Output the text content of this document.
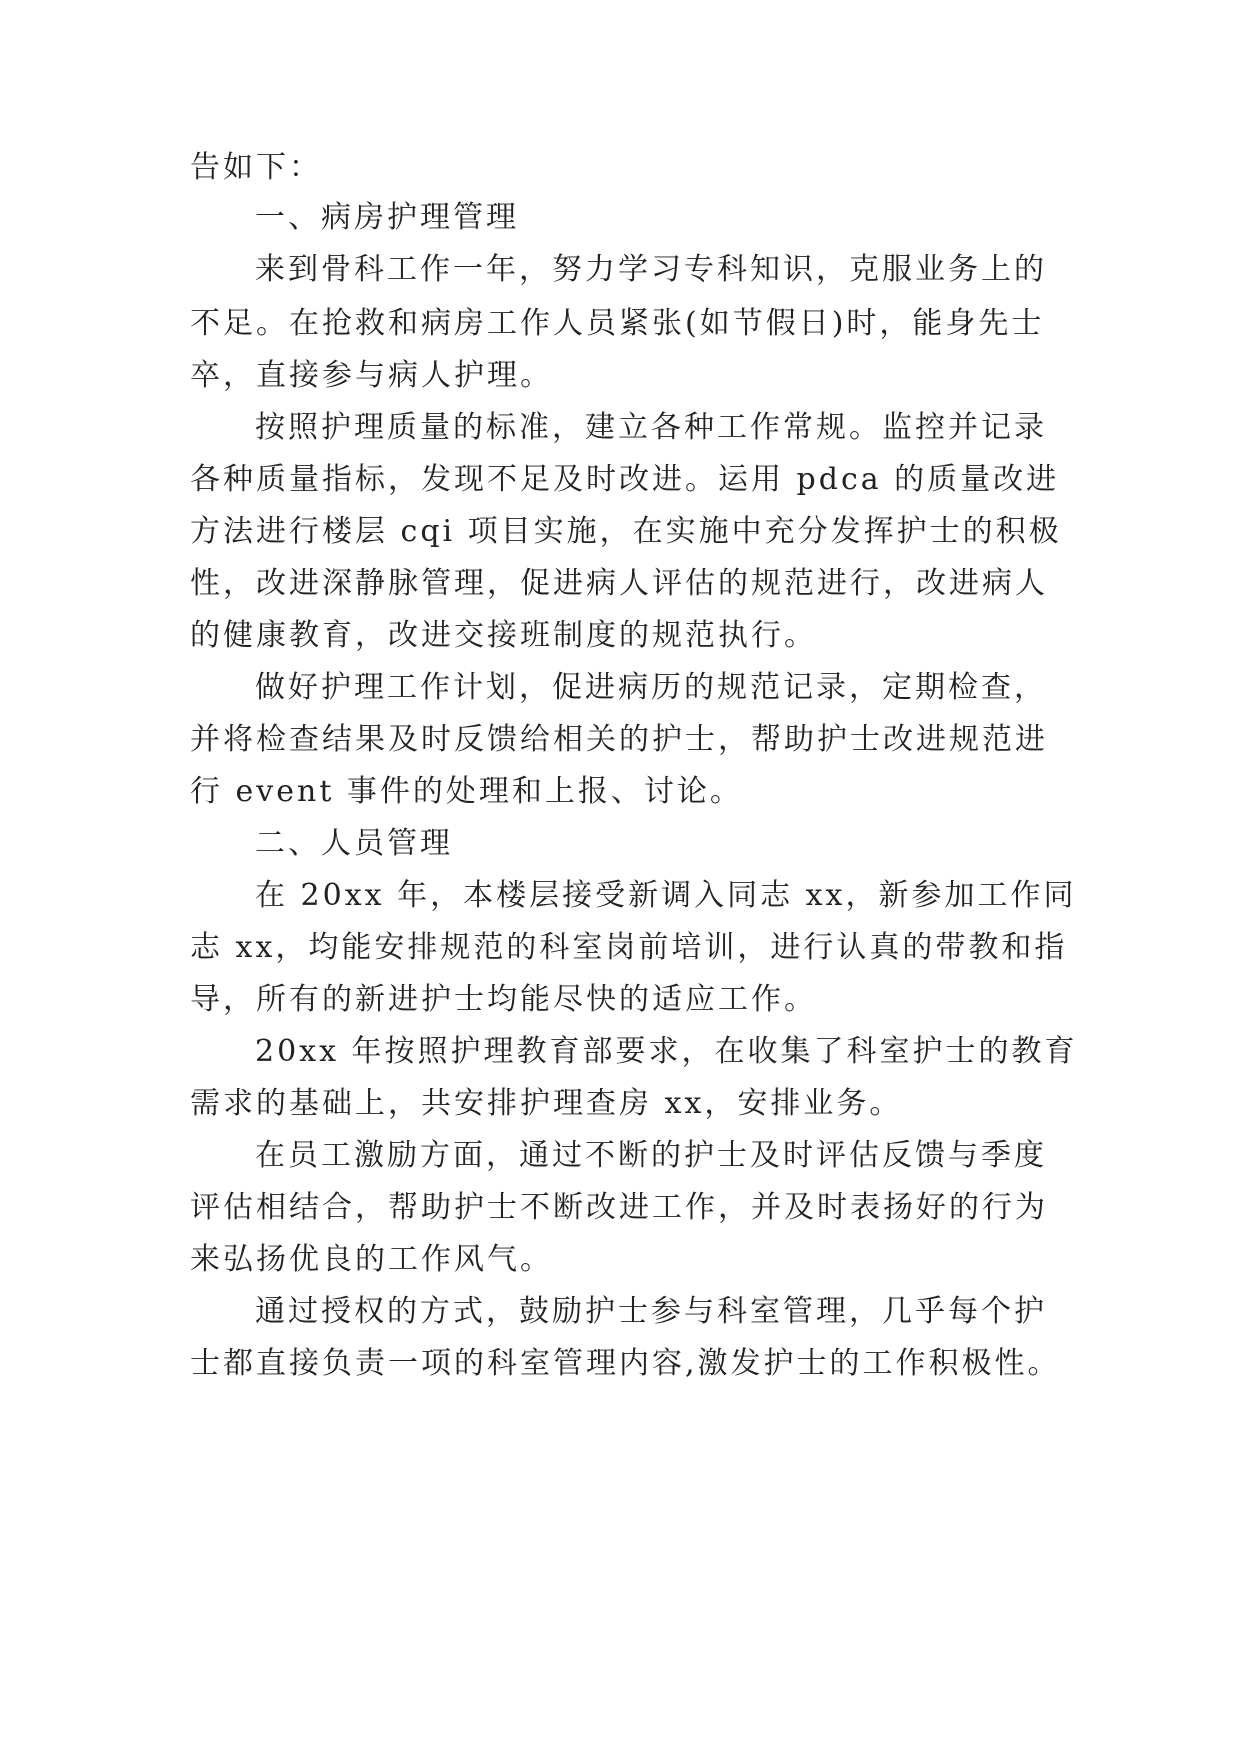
告如下：
一、病房护理管理
来到骨科工作一年，努力学习专科知识，克服业务上的
不足。在抢救和病房工作人员紧张(如节假日)时，能身先士
卒，直接参与病人护理。
按照护理质量的标准，建立各种工作常规。监控并记录
各种质量指标，发现不足及时改进。运用 pdca 的质量改进
方法进行楼层 cqi 项目实施，在实施中充分发挥护士的积极
性，改进深静脉管理，促进病人评估的规范进行，改进病人
的健康教育，改进交接班制度的规范执行。
做好护理工作计划，促进病历的规范记录，定期检查，
并将检查结果及时反馈给相关的护士，帮助护士改进规范进
行 event 事件的处理和上报、讨论。
二、人员管理
在 20xx 年，本楼层接受新调入同志 xx，新参加工作同
志 xx，均能安排规范的科室岗前培训，进行认真的带教和指
导，所有的新进护士均能尽快的适应工作。
20xx 年按照护理教育部要求，在收集了科室护士的教育
需求的基础上，共安排护理查房 xx，安排业务。
在员工激励方面，通过不断的护士及时评估反馈与季度
评估相结合，帮助护士不断改进工作，并及时表扬好的行为
来弘扬优良的工作风气。
通过授权的方式，鼓励护士参与科室管理，几乎每个护
士都直接负责一项的科室管理内容,激发护士的工作积极性。
